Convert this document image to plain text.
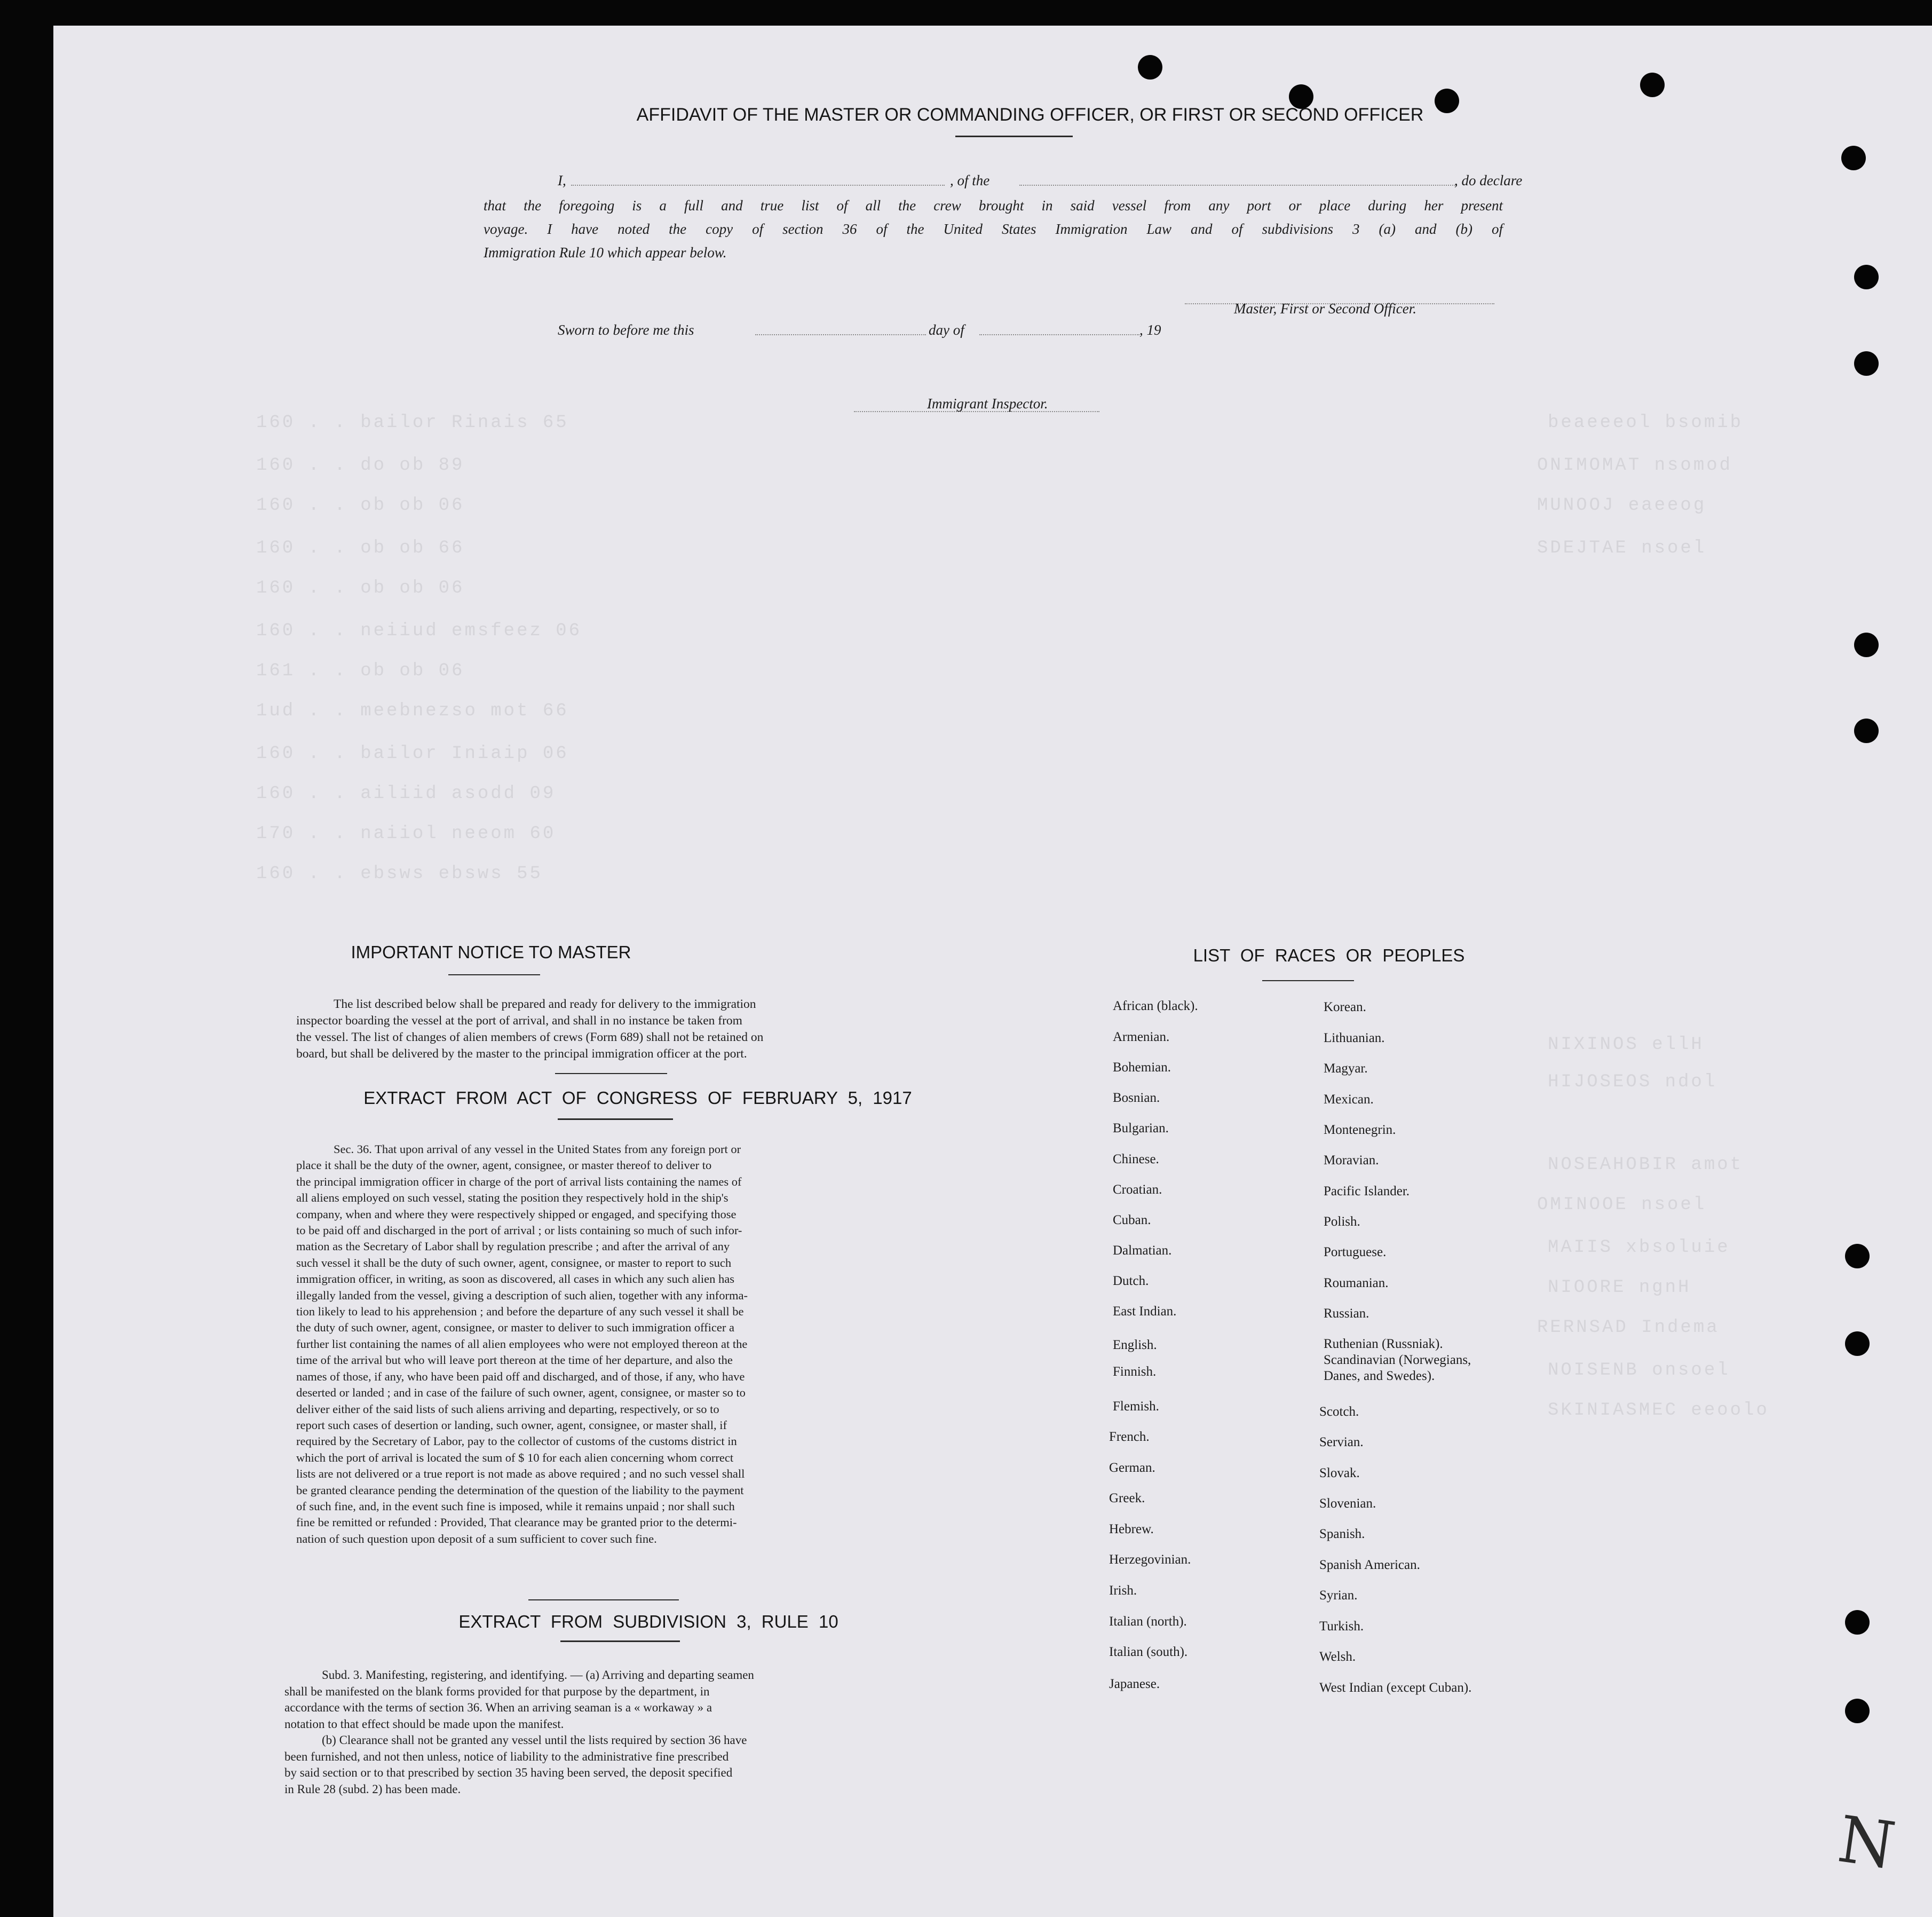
160 . . bailor Rinais 65
160 . . do ob 89
160 . . ob ob 06
160 . . ob ob 66
160 . . ob ob 06
160 . . neiiud emsfeez 06
161 . . ob ob 06
1ud . . meebnezso mot 66
160 . . bailor Iniaip 06
160 . . ailiid asodd 09
170 . . naiiol neeom 60
160 . . ebsws ebsws 55
beaeeeol bsomib
ONIMOMAT nsomod
MUNOOJ eaeeog
SDEJTAE nsoel
NIXINOS ellH
HIJOSEOS ndol
NOSEAHOBIR amot
OMINOOE nsoel
MAIIS xbsoluie
NIOORE ngnH
RERNSAD Indema
NOISENB onsoel
SKINIASMEC eeoolo
AFFIDAVIT OF THE MASTER OR COMMANDING OFFICER, OR FIRST OR SECOND OFFICER
I,	, of the	, do declare
that the foregoing is a full and true list of all the crew brought in said vessel from any port or place during her present
voyage. I have noted the copy of section 36 of the United States Immigration Law and of subdivisions 3 (a) and (b) of
Immigration Rule 10 which appear below.
Master, First or Second Officer.
Sworn to before me this	day of	, 19
Immigrant Inspector.
IMPORTANT NOTICE TO MASTER
The list described below shall be prepared and ready for delivery to the immigration
inspector boarding the vessel at the port of arrival, and shall in no instance be taken from
the vessel. The list of changes of alien members of crews (Form 689) shall not be retained on
board, but shall be delivered by the master to the principal immigration officer at the port.
EXTRACT FROM ACT OF CONGRESS OF FEBRUARY 5, 1917
Sec. 36. That upon arrival of any vessel in the United States from any foreign port or
place it shall be the duty of the owner, agent, consignee, or master thereof to deliver to
the principal immigration officer in charge of the port of arrival lists containing the names of
all aliens employed on such vessel, stating the position they respectively hold in the ship's
company, when and where they were respectively shipped or engaged, and specifying those
to be paid off and discharged in the port of arrival ; or lists containing so much of such infor-
mation as the Secretary of Labor shall by regulation prescribe ; and after the arrival of any
such vessel it shall be the duty of such owner, agent, consignee, or master to report to such
immigration officer, in writing, as soon as discovered, all cases in which any such alien has
illegally landed from the vessel, giving a description of such alien, together with any informa-
tion likely to lead to his apprehension ; and before the departure of any such vessel it shall be
the duty of such owner, agent, consignee, or master to deliver to such immigration officer a
further list containing the names of all alien employees who were not employed thereon at the
time of the arrival but who will leave port thereon at the time of her departure, and also the
names of those, if any, who have been paid off and discharged, and of those, if any, who have
deserted or landed ; and in case of the failure of such owner, agent, consignee, or master so to
deliver either of the said lists of such aliens arriving and departing, respectively, or so to
report such cases of desertion or landing, such owner, agent, consignee, or master shall, if
required by the Secretary of Labor, pay to the collector of customs of the customs district in
which the port of arrival is located the sum of $ 10 for each alien concerning whom correct
lists are not delivered or a true report is not made as above required ; and no such vessel shall
be granted clearance pending the determination of the question of the liability to the payment
of such fine, and, in the event such fine is imposed, while it remains unpaid ; nor shall such
fine be remitted or refunded : Provided, That clearance may be granted prior to the determi-
nation of such question upon deposit of a sum sufficient to cover such fine.
EXTRACT FROM SUBDIVISION 3, RULE 10
Subd. 3. Manifesting, registering, and identifying. — (a) Arriving and departing seamen
shall be manifested on the blank forms provided for that purpose by the department, in
accordance with the terms of section 36. When an arriving seaman is a « workaway » a
notation to that effect should be made upon the manifest.
(b) Clearance shall not be granted any vessel until the lists required by section 36 have
been furnished, and not then unless, notice of liability to the administrative fine prescribed
by said section or to that prescribed by section 35 having been served, the deposit specified
in Rule 28 (subd. 2) has been made.
LIST OF RACES OR PEOPLES
African (black).
Armenian.
Bohemian.
Bosnian.
Bulgarian.
Chinese.
Croatian.
Cuban.
Dalmatian.
Dutch.
East Indian.
English.
Finnish.
Flemish.
French.
German.
Greek.
Hebrew.
Herzegovinian.
Irish.
Italian (north).
Italian (south).
Japanese.
Korean.
Lithuanian.
Magyar.
Mexican.
Montenegrin.
Moravian.
Pacific Islander.
Polish.
Portuguese.
Roumanian.
Russian.
Ruthenian (Russniak).
Scandinavian (Norwegians,
Danes, and Swedes).
Scotch.
Servian.
Slovak.
Slovenian.
Spanish.
Spanish American.
Syrian.
Turkish.
Welsh.
West Indian (except Cuban).
N
